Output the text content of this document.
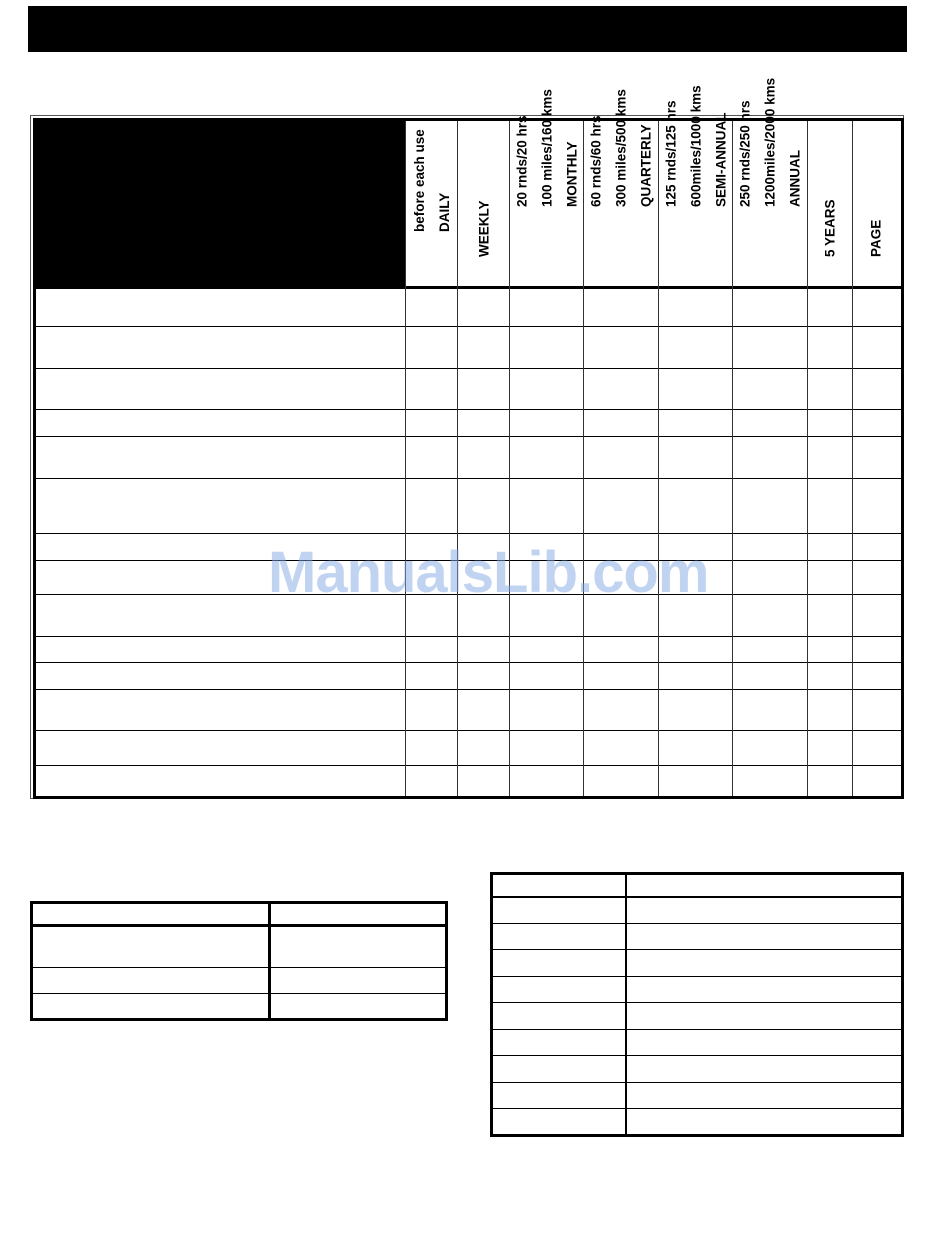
before each use DAILY	WEEKLY
20 rnds/20 hrs 100 miles/160 kms MONTHLY 60 rnds/60 hrs 300 miles/500 kms QUARTERLY 125 rnds/125 hrs 600miles/1000 kms SEMI-ANNUAL 250 rnds/250 hrs 1200miles/2000 kms ANNUAL
5 YEARS	PAGE
ManualsLib.com
